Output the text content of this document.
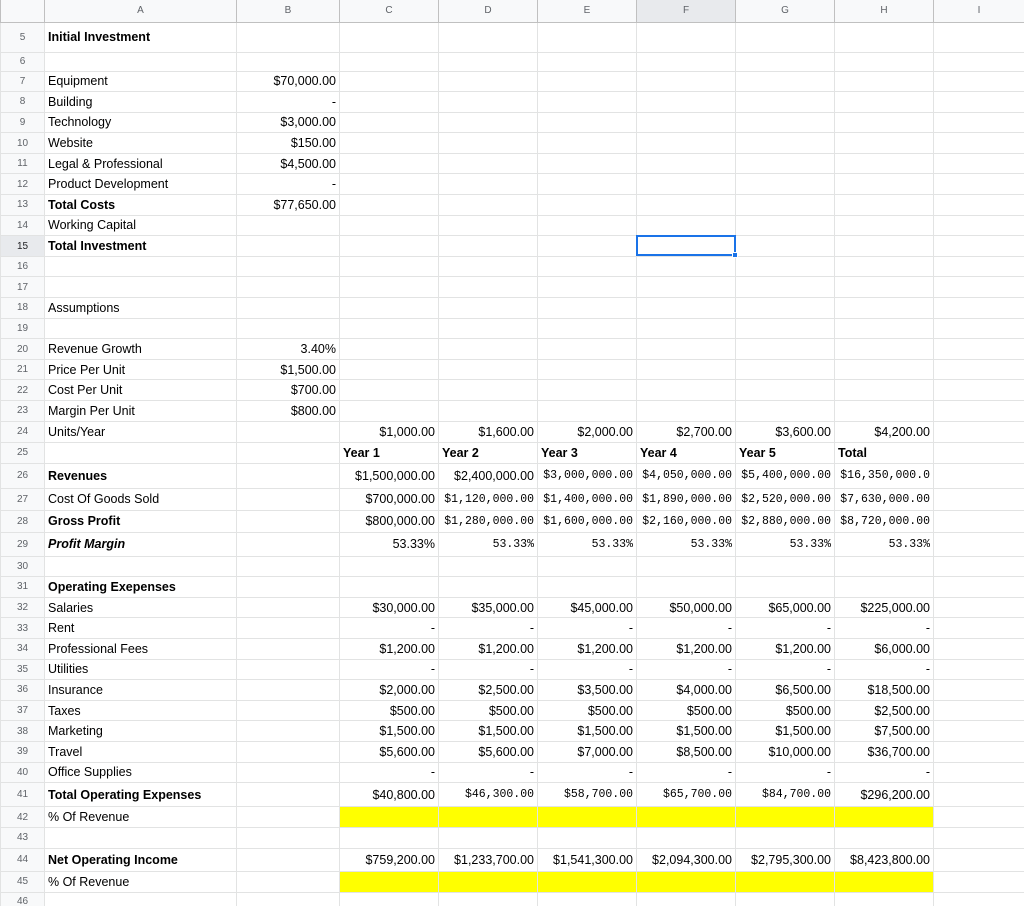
	A	B	C	D	E	F	G	H	I
5	Initial Investment								
6									
7	Equipment	$70,000.00							
8	Building	-							
9	Technology	$3,000.00							
10	Website	$150.00							
11	Legal & Professional	$4,500.00							
12	Product Development	-							
13	Total Costs	$77,650.00							
14	Working Capital								
15	Total Investment								
16									
17									
18	Assumptions								
19									
20	Revenue Growth	3.40%							
21	Price Per Unit	$1,500.00							
22	Cost Per Unit	$700.00							
23	Margin Per Unit	$800.00							
24	Units/Year		$1,000.00	$1,600.00	$2,000.00	$2,700.00	$3,600.00	$4,200.00	
25			Year 1	Year 2	Year 3	Year 4	Year 5	Total	
26	Revenues		$1,500,000.00	$2,400,000.00	$3,000,000.00	$4,050,000.00	$5,400,000.00	$16,350,000.0	
27	Cost Of Goods Sold		$700,000.00	$1,120,000.00	$1,400,000.00	$1,890,000.00	$2,520,000.00	$7,630,000.00	
28	Gross Profit		$800,000.00	$1,280,000.00	$1,600,000.00	$2,160,000.00	$2,880,000.00	$8,720,000.00	
29	Profit Margin		53.33%	53.33%	53.33%	53.33%	53.33%	53.33%	
30									
31	Operating Exepenses								
32	Salaries		$30,000.00	$35,000.00	$45,000.00	$50,000.00	$65,000.00	$225,000.00	
33	Rent		-	-	-	-	-	-	
34	Professional Fees		$1,200.00	$1,200.00	$1,200.00	$1,200.00	$1,200.00	$6,000.00	
35	Utilities		-	-	-	-	-	-	
36	Insurance		$2,000.00	$2,500.00	$3,500.00	$4,000.00	$6,500.00	$18,500.00	
37	Taxes		$500.00	$500.00	$500.00	$500.00	$500.00	$2,500.00	
38	Marketing		$1,500.00	$1,500.00	$1,500.00	$1,500.00	$1,500.00	$7,500.00	
39	Travel		$5,600.00	$5,600.00	$7,000.00	$8,500.00	$10,000.00	$36,700.00	
40	Office Supplies		-	-	-	-	-	-	
41	Total Operating Expenses		$40,800.00	$46,300.00	$58,700.00	$65,700.00	$84,700.00	$296,200.00	
42	% Of Revenue								
43									
44	Net Operating Income		$759,200.00	$1,233,700.00	$1,541,300.00	$2,094,300.00	$2,795,300.00	$8,423,800.00	
45	% Of Revenue								
46									
